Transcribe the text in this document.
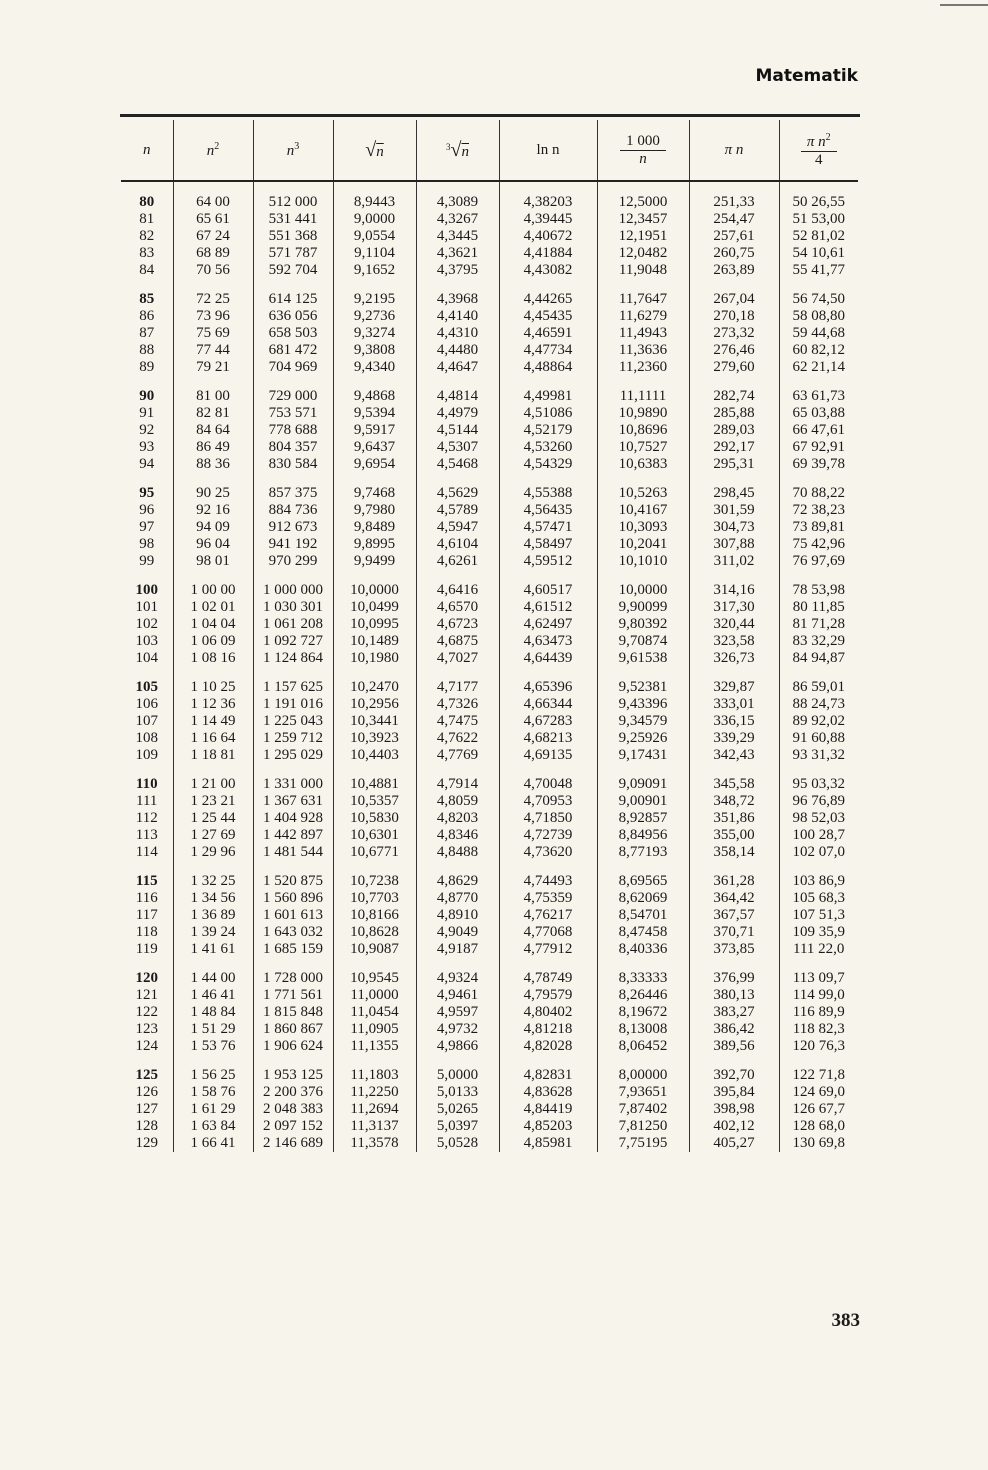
Matematik
n	$n^2$	$n^3$	√n	$^3$√n	ln n	$\frac{1 000}{n}$	π n	$\frac{\pi n^2}{4}$

80	64 00	512 000	8,9443	4,3089	4,38203	12,5000	251,33	50 26,55
81	65 61	531 441	9,0000	4,3267	4,39445	12,3457	254,47	51 53,00
82	67 24	551 368	9,0554	4,3445	4,40672	12,1951	257,61	52 81,02
83	68 89	571 787	9,1104	4,3621	4,41884	12,0482	260,75	54 10,61
84	70 56	592 704	9,1652	4,3795	4,43082	11,9048	263,89	55 41,77

85	72 25	614 125	9,2195	4,3968	4,44265	11,7647	267,04	56 74,50
86	73 96	636 056	9,2736	4,4140	4,45435	11,6279	270,18	58 08,80
87	75 69	658 503	9,3274	4,4310	4,46591	11,4943	273,32	59 44,68
88	77 44	681 472	9,3808	4,4480	4,47734	11,3636	276,46	60 82,12
89	79 21	704 969	9,4340	4,4647	4,48864	11,2360	279,60	62 21,14

90	81 00	729 000	9,4868	4,4814	4,49981	11,1111	282,74	63 61,73
91	82 81	753 571	9,5394	4,4979	4,51086	10,9890	285,88	65 03,88
92	84 64	778 688	9,5917	4,5144	4,52179	10,8696	289,03	66 47,61
93	86 49	804 357	9,6437	4,5307	4,53260	10,7527	292,17	67 92,91
94	88 36	830 584	9,6954	4,5468	4,54329	10,6383	295,31	69 39,78

95	90 25	857 375	9,7468	4,5629	4,55388	10,5263	298,45	70 88,22
96	92 16	884 736	9,7980	4,5789	4,56435	10,4167	301,59	72 38,23
97	94 09	912 673	9,8489	4,5947	4,57471	10,3093	304,73	73 89,81
98	96 04	941 192	9,8995	4,6104	4,58497	10,2041	307,88	75 42,96
99	98 01	970 299	9,9499	4,6261	4,59512	10,1010	311,02	76 97,69

100	1 00 00	1 000 000	10,0000	4,6416	4,60517	10,0000	314,16	78 53,98
101	1 02 01	1 030 301	10,0499	4,6570	4,61512	9,90099	317,30	80 11,85
102	1 04 04	1 061 208	10,0995	4,6723	4,62497	9,80392	320,44	81 71,28
103	1 06 09	1 092 727	10,1489	4,6875	4,63473	9,70874	323,58	83 32,29
104	1 08 16	1 124 864	10,1980	4,7027	4,64439	9,61538	326,73	84 94,87

105	1 10 25	1 157 625	10,2470	4,7177	4,65396	9,52381	329,87	86 59,01
106	1 12 36	1 191 016	10,2956	4,7326	4,66344	9,43396	333,01	88 24,73
107	1 14 49	1 225 043	10,3441	4,7475	4,67283	9,34579	336,15	89 92,02
108	1 16 64	1 259 712	10,3923	4,7622	4,68213	9,25926	339,29	91 60,88
109	1 18 81	1 295 029	10,4403	4,7769	4,69135	9,17431	342,43	93 31,32

110	1 21 00	1 331 000	10,4881	4,7914	4,70048	9,09091	345,58	95 03,32
111	1 23 21	1 367 631	10,5357	4,8059	4,70953	9,00901	348,72	96 76,89
112	1 25 44	1 404 928	10,5830	4,8203	4,71850	8,92857	351,86	98 52,03
113	1 27 69	1 442 897	10,6301	4,8346	4,72739	8,84956	355,00	100 28,7
114	1 29 96	1 481 544	10,6771	4,8488	4,73620	8,77193	358,14	102 07,0

115	1 32 25	1 520 875	10,7238	4,8629	4,74493	8,69565	361,28	103 86,9
116	1 34 56	1 560 896	10,7703	4,8770	4,75359	8,62069	364,42	105 68,3
117	1 36 89	1 601 613	10,8166	4,8910	4,76217	8,54701	367,57	107 51,3
118	1 39 24	1 643 032	10,8628	4,9049	4,77068	8,47458	370,71	109 35,9
119	1 41 61	1 685 159	10,9087	4,9187	4,77912	8,40336	373,85	111 22,0

120	1 44 00	1 728 000	10,9545	4,9324	4,78749	8,33333	376,99	113 09,7
121	1 46 41	1 771 561	11,0000	4,9461	4,79579	8,26446	380,13	114 99,0
122	1 48 84	1 815 848	11,0454	4,9597	4,80402	8,19672	383,27	116 89,9
123	1 51 29	1 860 867	11,0905	4,9732	4,81218	8,13008	386,42	118 82,3
124	1 53 76	1 906 624	11,1355	4,9866	4,82028	8,06452	389,56	120 76,3

125	1 56 25	1 953 125	11,1803	5,0000	4,82831	8,00000	392,70	122 71,8
126	1 58 76	2 200 376	11,2250	5,0133	4,83628	7,93651	395,84	124 69,0
127	1 61 29	2 048 383	11,2694	5,0265	4,84419	7,87402	398,98	126 67,7
128	1 63 84	2 097 152	11,3137	5,0397	4,85203	7,81250	402,12	128 68,0
129	1 66 41	2 146 689	11,3578	5,0528	4,85981	7,75195	405,27	130 69,8
383
